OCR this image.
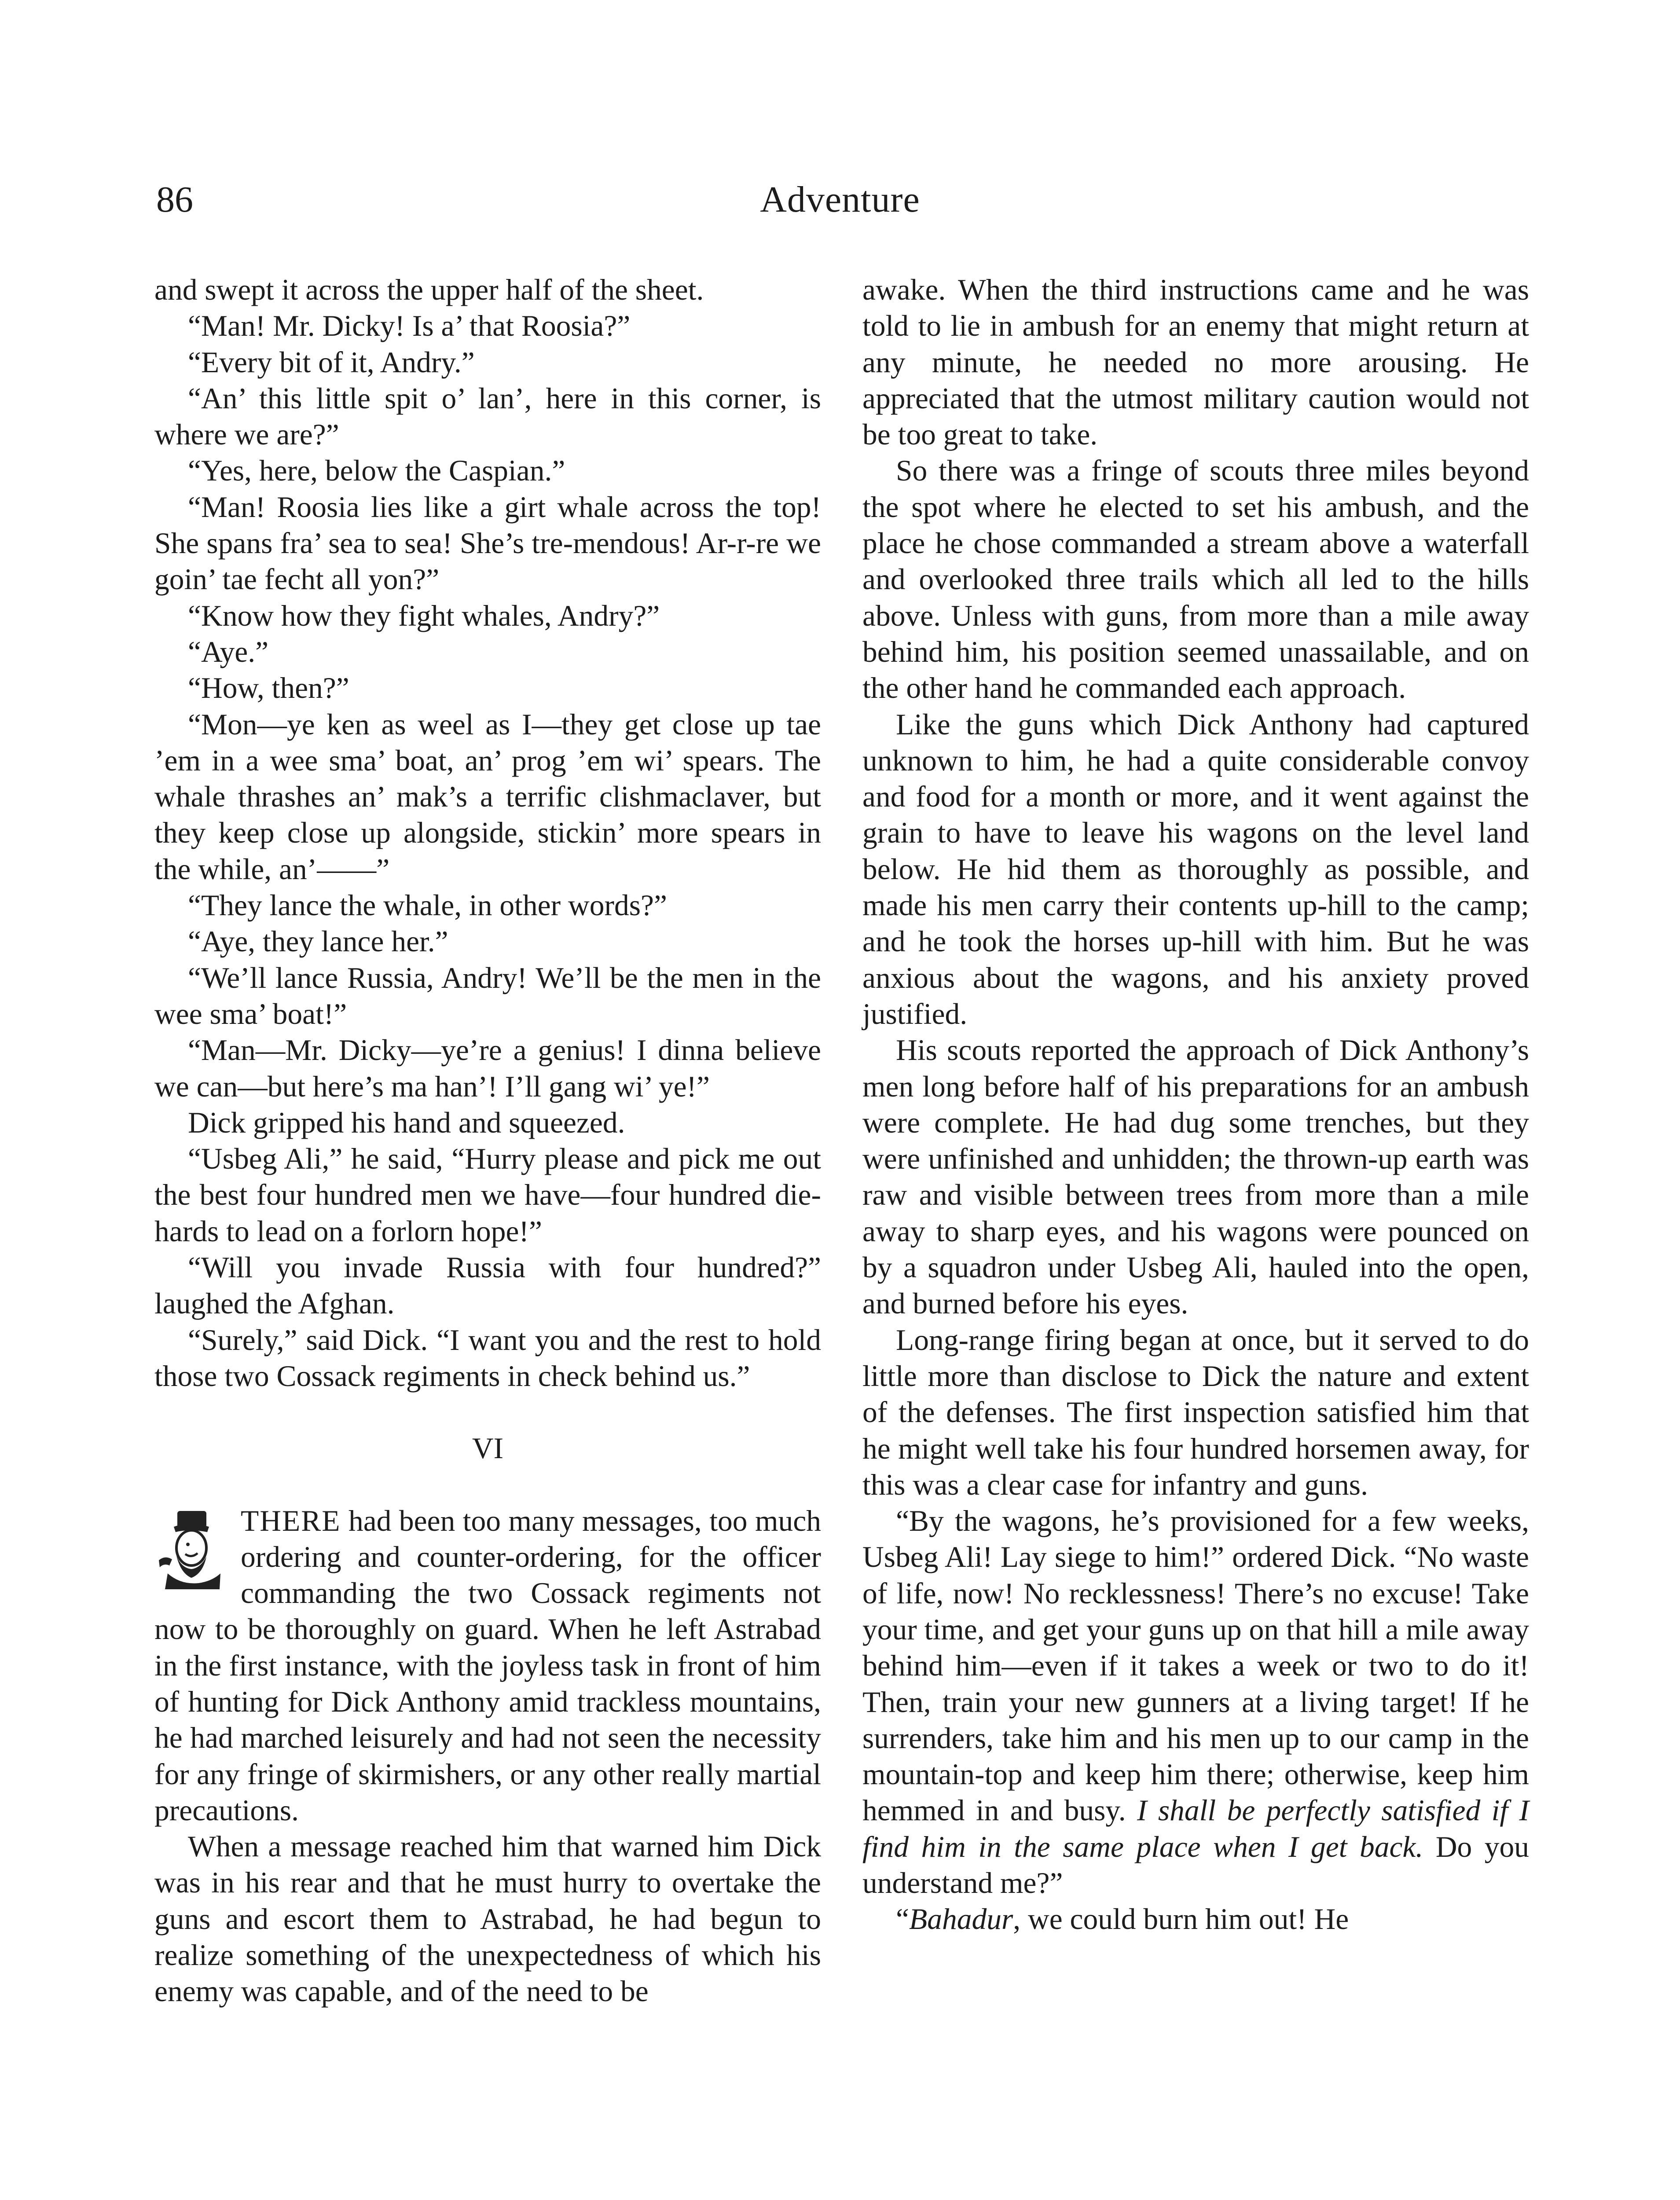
86	Adventure

and swept it across the upper half of the sheet.

“Man! Mr. Dicky! Is a’ that Roosia?”

“Every bit of it, Andry.”

“An’ this little spit o’ lan’, here in this corner, is where we are?”

“Yes, here, below the Caspian.”

“Man! Roosia lies like a girt whale across the top! She spans fra’ sea to sea! She’s tre-mendous! Ar-r-re we goin’ tae fecht all yon?”

“Know how they fight whales, Andry?”

“Aye.”

“How, then?”

“Mon—ye ken as weel as I—they get close up tae ’em in a wee sma’ boat, an’ prog ’em wi’ spears. The whale thrashes an’ mak’s a terrific clishmaclaver, but they keep close up alongside, stickin’ more spears in the while, an’——”

“They lance the whale, in other words?”

“Aye, they lance her.”

“We’ll lance Russia, Andry! We’ll be the men in the wee sma’ boat!”

“Man—Mr. Dicky—ye’re a genius! I dinna believe we can—but here’s ma han’! I’ll gang wi’ ye!”

Dick gripped his hand and squeezed.

“Usbeg Ali,” he said, “Hurry please and pick me out the best four hundred men we have—four hundred die-hards to lead on a forlorn hope!”

“Will you invade Russia with four hundred?” laughed the Afghan.

“Surely,” said Dick. “I want you and the rest to hold those two Cossack regiments in check behind us.”

VI

THERE had been too many messages, too much ordering and counter-ordering, for the officer commanding the two Cossack regiments not now to be thoroughly on guard. When he left Astrabad in the first instance, with the joyless task in front of him of hunting for Dick Anthony amid trackless mountains, he had marched leisurely and had not seen the necessity for any fringe of skirmishers, or any other really martial precautions.

When a message reached him that warned him Dick was in his rear and that he must hurry to overtake the guns and escort them to Astrabad, he had begun to realize something of the unexpectedness of which his enemy was capable, and of the need to be

awake. When the third instructions came and he was told to lie in ambush for an enemy that might return at any minute, he needed no more arousing. He appreciated that the utmost military caution would not be too great to take.

So there was a fringe of scouts three miles beyond the spot where he elected to set his ambush, and the place he chose commanded a stream above a waterfall and overlooked three trails which all led to the hills above. Unless with guns, from more than a mile away behind him, his position seemed unassailable, and on the other hand he commanded each approach.

Like the guns which Dick Anthony had captured unknown to him, he had a quite considerable convoy and food for a month or more, and it went against the grain to have to leave his wagons on the level land below. He hid them as thoroughly as possible, and made his men carry their contents up-hill to the camp; and he took the horses up-hill with him. But he was anxious about the wagons, and his anxiety proved justified.

His scouts reported the approach of Dick Anthony’s men long before half of his preparations for an ambush were complete. He had dug some trenches, but they were unfinished and unhidden; the thrown-up earth was raw and visible between trees from more than a mile away to sharp eyes, and his wagons were pounced on by a squadron under Usbeg Ali, hauled into the open, and burned before his eyes.

Long-range firing began at once, but it served to do little more than disclose to Dick the nature and extent of the defenses. The first inspection satisfied him that he might well take his four hundred horsemen away, for this was a clear case for infantry and guns.

“By the wagons, he’s provisioned for a few weeks, Usbeg Ali! Lay siege to him!” ordered Dick. “No waste of life, now! No recklessness! There’s no excuse! Take your time, and get your guns up on that hill a mile away behind him—even if it takes a week or two to do it! Then, train your new gunners at a living target! If he surrenders, take him and his men up to our camp in the mountain-top and keep him there; otherwise, keep him hemmed in and busy. I shall be perfectly satisfied if I find him in the same place when I get back. Do you understand me?”

“Bahadur, we could burn him out! He
